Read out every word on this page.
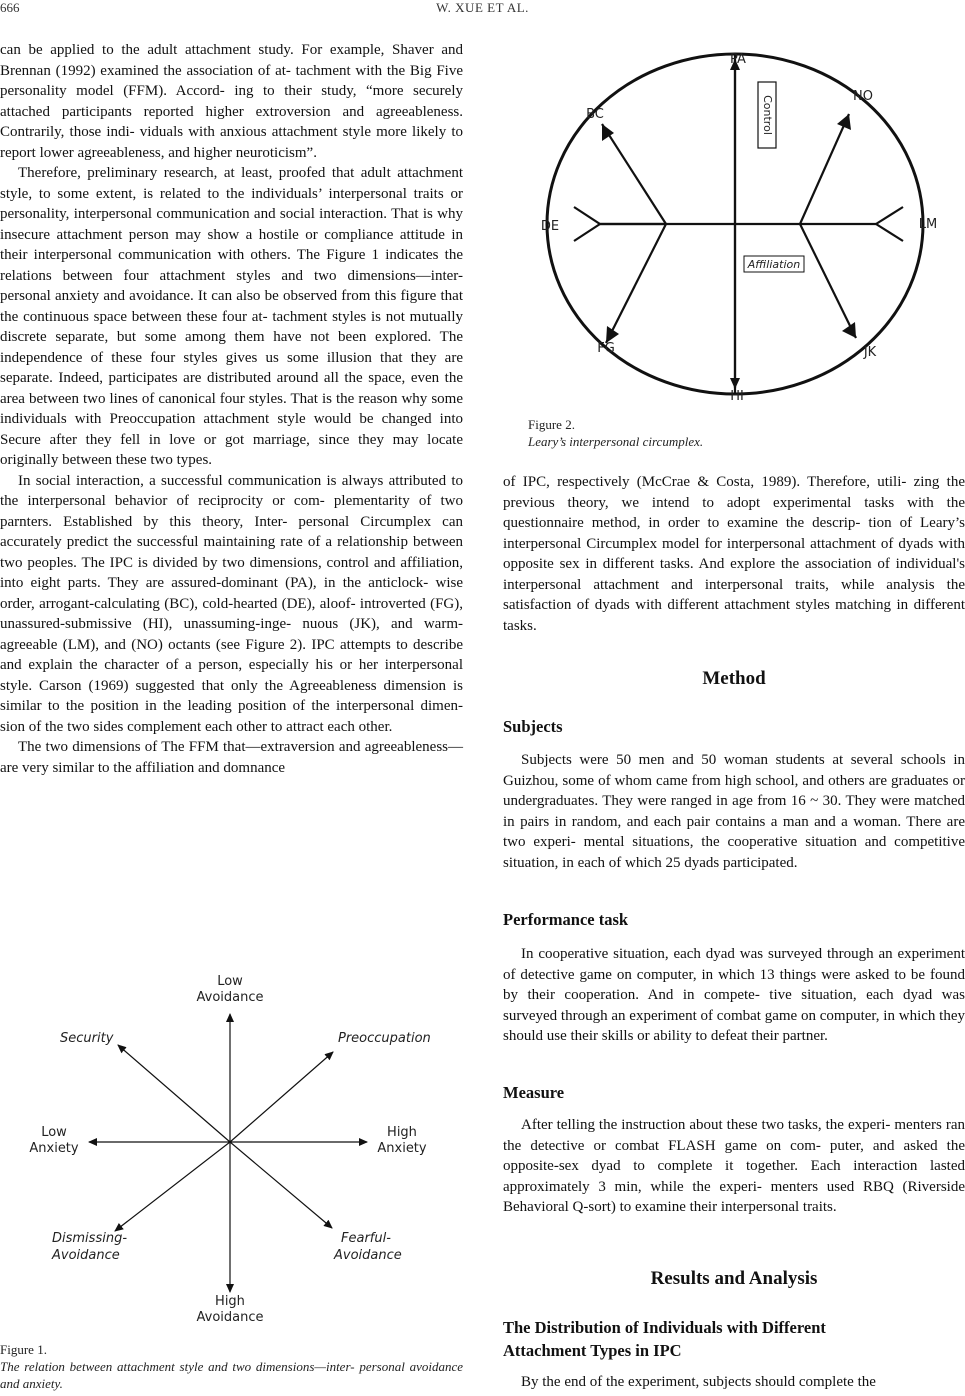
666	W. XUE ET AL.

can be applied to the adult attachment study. For example, Shaver and Brennan (1992) examined the association of at- tachment with the Big Five personality model (FFM). Accord- ing to their study, “more securely attached participants reported higher extroversion and agreeableness. Contrarily, those indi- viduals with anxious attachment style more likely to report lower agreeableness, and higher neuroticism”.

Therefore, preliminary research, at least, proofed that adult attachment style, to some extent, is related to the individuals’ interpersonal traits or personality, interpersonal communication and social interaction. That is why insecure attachment person may show a hostile or compliance attitude in their interpersonal communication with others. The Figure 1 indicates the relations between four attachment styles and two dimensions—inter- personal anxiety and avoidance. It can also be observed from this figure that the continuous space between these four at- tachment styles is not mutually discrete separate, but some among them have not been explored. The independence of these four styles gives us some illusion that they are separate. Indeed, participates are distributed around all the space, even the area between two lines of canonical four styles. That is the reason why some individuals with Preoccupation attachment style would be changed into Secure after they fell in love or got marriage, since they may locate originally between these two types.

In social interaction, a successful communication is always attributed to the interpersonal behavior of reciprocity or com- plementarity of two parnters. Established by this theory, Inter- personal Circumplex can accurately predict the successful maintaining rate of a relationship between two peoples. The IPC is divided by two dimensions, control and affiliation, into eight parts. They are assured-dominant (PA), in the anticlock- wise order, arrogant-calculating (BC), cold-hearted (DE), aloof- introverted (FG), unassured-submissive (HI), unassuming-inge- nuous (JK), and warm-agreeable (LM), and (NO) octants (see Figure 2). IPC attempts to describe and explain the character of a person, especially his or her interpersonal style. Carson (1969) suggested that only the Agreeableness dimension is similar to the position in the leading position of the interpersonal dimen- sion of the two sides complement each other to attract each other.

The two dimensions of The FFM that—extraversion and agreeableness—are very similar to the affiliation and domnance

Low
Avoidance
High
Avoidance
Low
Anxiety
High
Anxiety
Security	Preoccupation
Dismissing-
Avoidance
Fearful-
Avoidance
Figure 1.
The relation between attachment style and two dimensions—inter- personal avoidance and anxiety.
Control
Affiliation
PA
BC
NO
DE	LM
FG	JK
HI
Figure 2.
Leary’s interpersonal circumplex.

of IPC, respectively (McCrae & Costa, 1989). Therefore, utili- zing the previous theory, we intend to adopt experimental tasks with the questionnaire method, in order to examine the descrip- tion of Leary’s interpersonal Circumplex model for interpersonal attachment of dyads with opposite sex in different tasks. And explore the association of individual's interpersonal attachment and interpersonal traits, while analysis the satisfaction of dyads with different attachment styles matching in different tasks.

Method
Subjects

Subjects were 50 men and 50 woman students at several schools in Guizhou, some of whom came from high school, and others are graduates or undergraduates. They were ranged in age from 16 ~ 30. They were matched in pairs in random, and each pair contains a man and a woman. There are two experi- mental situations, the cooperative situation and competitive situation, in each of which 25 dyads participated.

Performance task

In cooperative situation, each dyad was surveyed through an experiment of detective game on computer, in which 13 things were asked to be found by their cooperation. And in compete- tive situation, each dyad was surveyed through an experiment of combat game on computer, in which they should use their skills or ability to defeat their partner.

Measure

After telling the instruction about these two tasks, the experi- menters ran the detective or combat FLASH game on com- puter, and asked the opposite-sex dyad to complete it together. Each interaction lasted approximately 3 min, while the experi- menters used RBQ (Riverside Behavioral Q-sort) to examine their interpersonal traits.

Results and Analysis
The Distribution of Individuals with Different
Attachment Types in IPC

By the end of the experiment, subjects should complete the
